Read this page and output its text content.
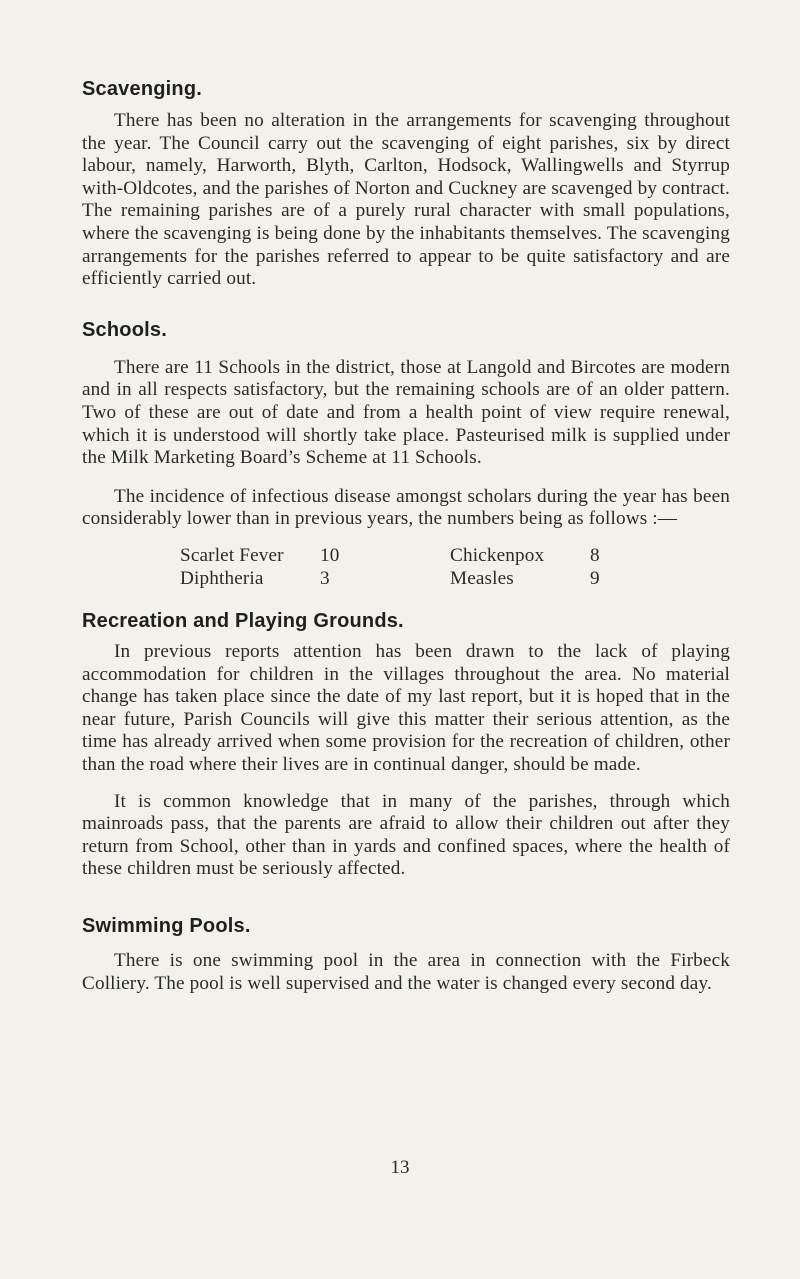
Scavenging.

There has been no alteration in the arrangements for scavenging throughout the year. The Council carry out the scavenging of eight parishes, six by direct labour, namely, Harworth, Blyth, Carlton, Hodsock, Wallingwells and Styrrup with-Oldcotes, and the parishes of Norton and Cuckney are scavenged by contract. The remaining parishes are of a purely rural character with small populations, where the scavenging is being done by the inhabitants themselves. The scavenging arrangements for the parishes referred to appear to be quite satisfactory and are efficiently carried out.

Schools.

There are 11 Schools in the district, those at Langold and Bircotes are modern and in all respects satisfactory, but the remaining schools are of an older pattern. Two of these are out of date and from a health point of view require renewal, which it is understood will shortly take place. Pasteurised milk is supplied under the Milk Marketing Board’s Scheme at 11 Schools.

The incidence of infectious disease amongst scholars during the year has been considerably lower than in previous years, the numbers being as follows :—

Scarlet Fever	10	Chickenpox	8
Diphtheria	3	Measles	9
Recreation and Playing Grounds.

In previous reports attention has been drawn to the lack of playing accommodation for children in the villages throughout the area. No material change has taken place since the date of my last report, but it is hoped that in the near future, Parish Councils will give this matter their serious attention, as the time has already arrived when some provision for the recreation of children, other than the road where their lives are in continual danger, should be made.

It is common knowledge that in many of the parishes, through which mainroads pass, that the parents are afraid to allow their children out after they return from School, other than in yards and confined spaces, where the health of these children must be seriously affected.

Swimming Pools.

There is one swimming pool in the area in connection with the Firbeck Colliery. The pool is well supervised and the water is changed every second day.

13
